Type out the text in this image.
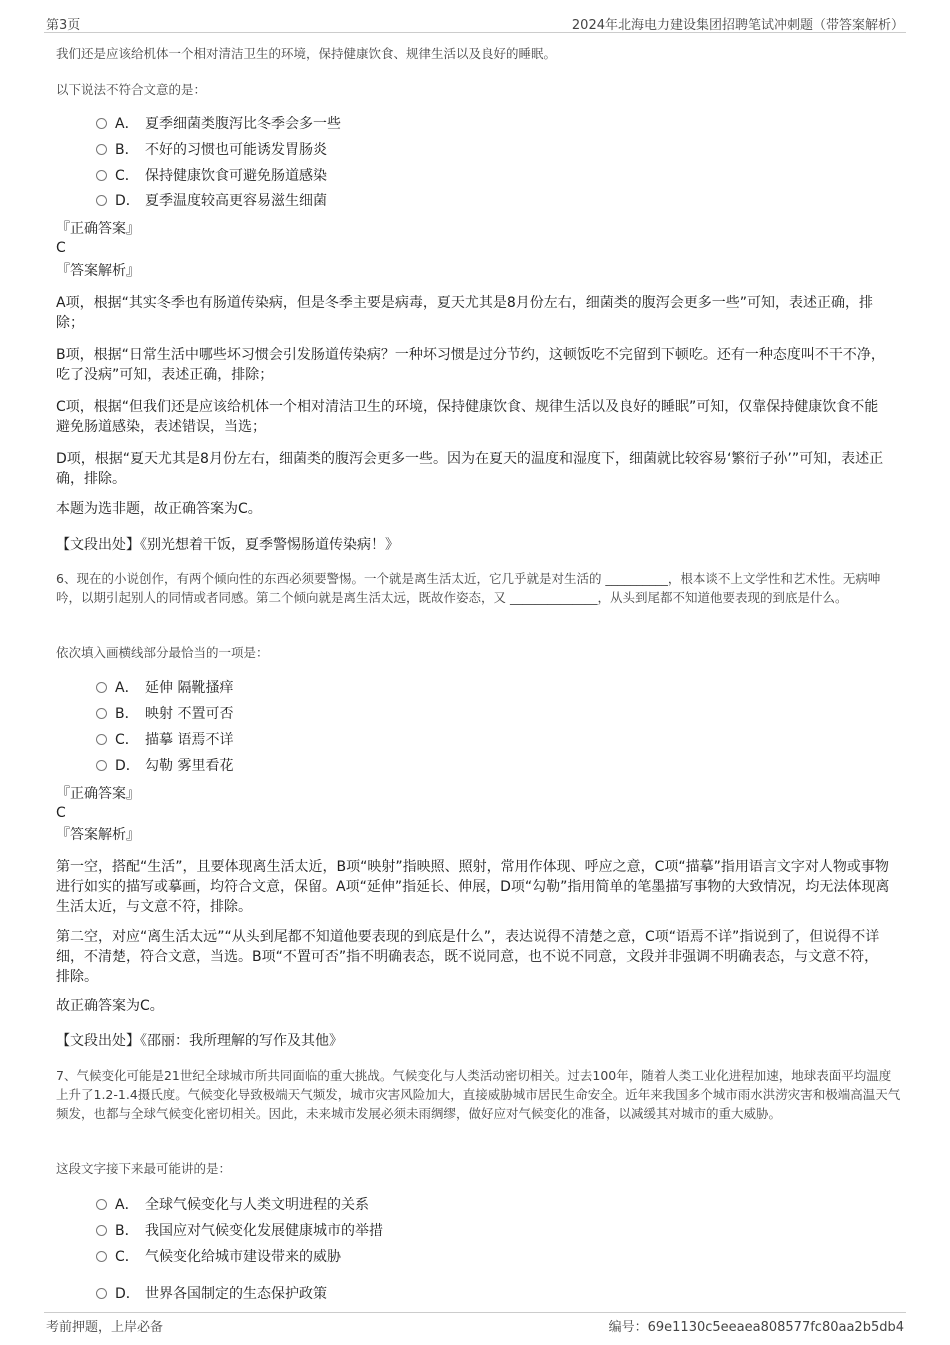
第3页	2024年北海电力建设集团招聘笔试冲刺题（带答案解析）

我们还是应该给机体一个相对清洁卫生的环境，保持健康饮食、规律生活以及良好的睡眠。

以下说法不符合文意的是：

A． 夏季细菌类腹泻比冬季会多一些
B． 不好的习惯也可能诱发胃肠炎
C． 保持健康饮食可避免肠道感染
D． 夏季温度较高更容易滋生细菌
『正确答案』
C
『答案解析』

A项，根据“其实冬季也有肠道传染病，但是冬季主要是病毒，夏天尤其是8月份左右，细菌类的腹泻会更多一些”可知，表述正确，排除；

B项，根据“日常生活中哪些坏习惯会引发肠道传染病？一种坏习惯是过分节约，这顿饭吃不完留到下顿吃。还有一种态度叫不干不净，吃了没病”可知，表述正确，排除；

C项，根据“但我们还是应该给机体一个相对清洁卫生的环境，保持健康饮食、规律生活以及良好的睡眠”可知，仅靠保持健康饮食不能避免肠道感染，表述错误，当选；

D项，根据“夏天尤其是8月份左右，细菌类的腹泻会更多一些。因为在夏天的温度和湿度下，细菌就比较容易‘繁衍子孙’”可知，表述正确，排除。

本题为选非题，故正确答案为C。

【文段出处】《别光想着干饭，夏季警惕肠道传染病！》

6、现在的小说创作，有两个倾向性的东西必须要警惕。一个就是离生活太近，它几乎就是对生活的 __________，根本谈不上文学性和艺术性。无病呻吟，以期引起别人的同情或者同感。第二个倾向就是离生活太远，既故作姿态，又 ______________，从头到尾都不知道他要表现的到底是什么。

依次填入画横线部分最恰当的一项是：

A． 延伸 隔靴搔痒
B． 映射 不置可否
C． 描摹 语焉不详
D． 勾勒 雾里看花
『正确答案』
C
『答案解析』

第一空，搭配“生活”，且要体现离生活太近，B项“映射”指映照、照射，常用作体现、呼应之意，C项“描摹”指用语言文字对人物或事物进行如实的描写或摹画，均符合文意，保留。A项“延伸”指延长、伸展，D项“勾勒”指用简单的笔墨描写事物的大致情况，均无法体现离生活太近，与文意不符，排除。

第二空，对应“离生活太远”“从头到尾都不知道他要表现的到底是什么”，表达说得不清楚之意，C项“语焉不详”指说到了，但说得不详细，不清楚，符合文意，当选。B项“不置可否”指不明确表态，既不说同意，也不说不同意，文段并非强调不明确表态，与文意不符，排除。

故正确答案为C。

【文段出处】《邵丽：我所理解的写作及其他》

7、气候变化可能是21世纪全球城市所共同面临的重大挑战。气候变化与人类活动密切相关。过去100年，随着人类工业化进程加速，地球表面平均温度上升了1.2-1.4摄氏度。气候变化导致极端天气频发，城市灾害风险加大，直接威胁城市居民生命安全。近年来我国多个城市雨水洪涝灾害和极端高温天气频发，也都与全球气候变化密切相关。因此，未来城市发展必须未雨绸缪，做好应对气候变化的准备，以减缓其对城市的重大威胁。

这段文字接下来最可能讲的是：

A． 全球气候变化与人类文明进程的关系
B． 我国应对气候变化发展健康城市的举措
C． 气候变化给城市建设带来的威胁
D． 世界各国制定的生态保护政策
考前押题，上岸必备	编号：69e1130c5eeaea808577fc80aa2b5db4
